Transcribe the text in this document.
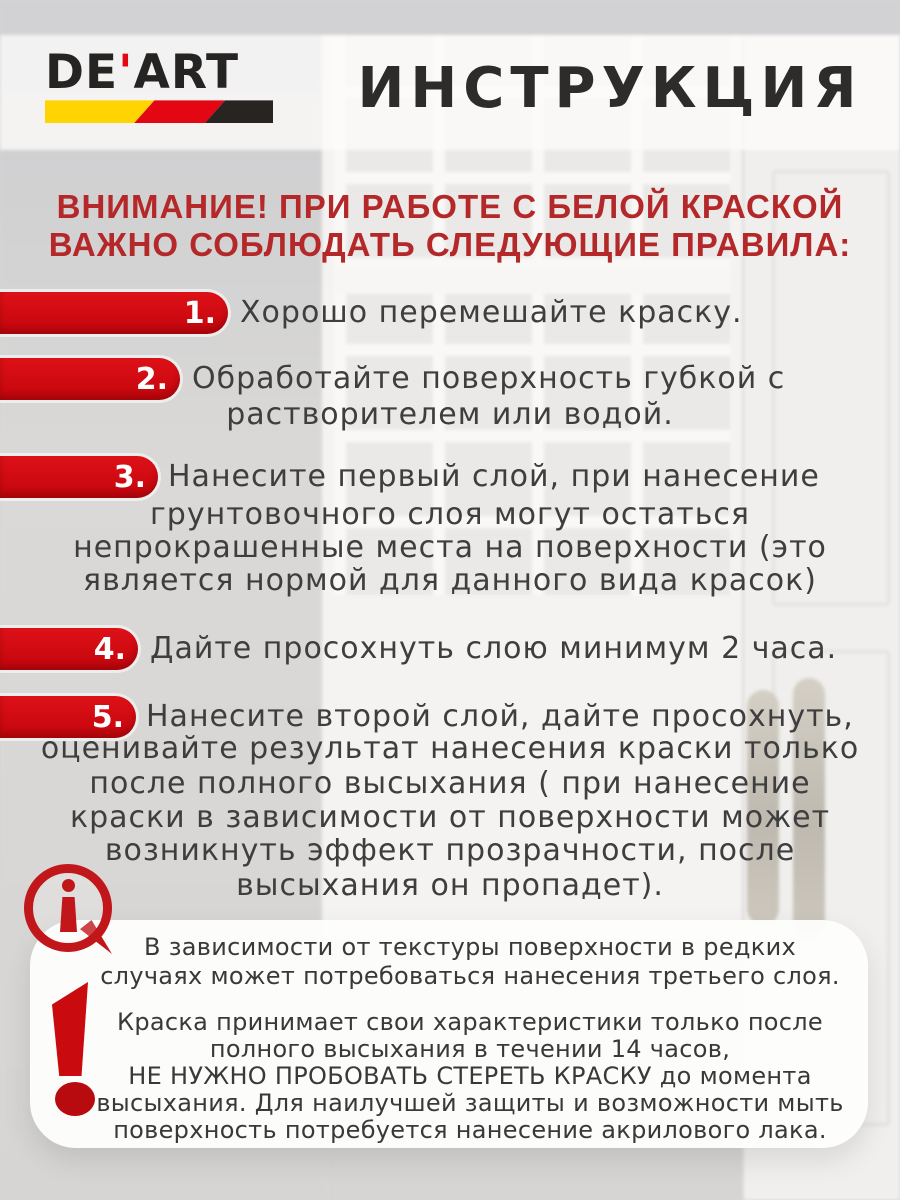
DE'ART	ИНСТРУКЦИЯ
ВНИМАНИЕ! ПРИ РАБОТЕ С БЕЛОЙ КРАСКОЙ
ВАЖНО СОБЛЮДАТЬ СЛЕДУЮЩИЕ ПРАВИЛА:
1. Хорошо перемешайте краску.
2. Обработайте поверхность губкой с
растворителем или водой.
3. Нанесите первый слой, при нанесение
грунтовочного слоя могут остаться
непрокрашенные места на поверхности (это
является нормой для данного вида красок)
4. Дайте просохнуть слою минимум 2 часа.
5. Нанесите второй слой, дайте просохнуть,
оценивайте результат нанесения краски только
после полного высыхания ( при нанесение
краски в зависимости от поверхности может
возникнуть эффект прозрачности, после
высыхания он пропадет).
В зависимости от текстуры поверхности в редких
случаях может потребоваться нанесения третьего слоя.
Краска принимает свои характеристики только после
полного высыхания в течении 14 часов,
НЕ НУЖНО ПРОБОВАТЬ СТЕРЕТЬ КРАСКУ до момента
высыхания. Для наилучшей защиты и возможности мыть
поверхность потребуется нанесение акрилового лака.
